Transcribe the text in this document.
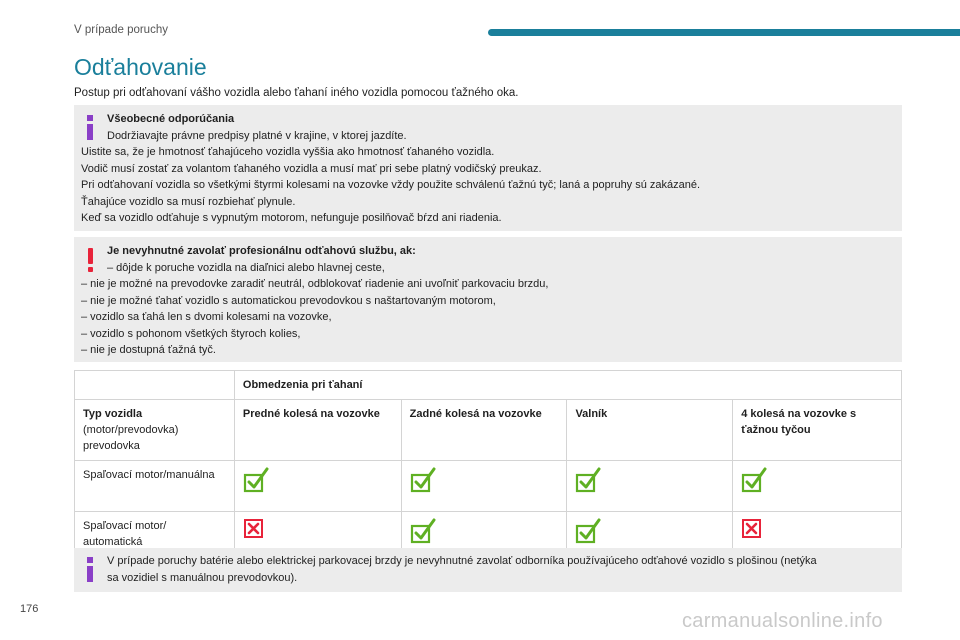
V prípade poruchy
Odťahovanie
Postup pri odťahovaní vášho vozidla alebo ťahaní iného vozidla pomocou ťažného oka.
Všeobecné odporúčania
Dodržiavajte právne predpisy platné v krajine, v ktorej jazdíte.
Uistite sa, že je hmotnosť ťahajúceho vozidla vyššia ako hmotnosť ťahaného vozidla.
Vodič musí zostať za volantom ťahaného vozidla a musí mať pri sebe platný vodičský preukaz.
Pri odťahovaní vozidla so všetkými štyrmi kolesami na vozovke vždy použite schválenú ťažnú tyč; laná a popruhy sú zakázané.
Ťahajúce vozidlo sa musí rozbiehať plynule.
Keď sa vozidlo odťahuje s vypnutým motorom, nefunguje posilňovač bŕzd ani riadenia.
Je nevyhnutné zavolať profesionálnu odťahovú službu, ak:
– dôjde k poruche vozidla na diaľnici alebo hlavnej ceste,
– nie je možné na prevodovke zaradiť neutrál, odblokovať riadenie ani uvoľniť parkovaciu brzdu,
– nie je možné ťahať vozidlo s automatickou prevodovkou s naštartovaným motorom,
– vozidlo sa ťahá len s dvomi kolesami na vozovke,
– vozidlo s pohonom všetkých štyroch kolies,
– nie je dostupná ťažná tyč.
	Obmedzenia pri ťahaní			

Typ vozidla
(motor/prevodovka)
prevodovka	Predné kolesá na vozovke	Zadné kolesá na vozovke	Valník	4 kolesá na vozovke s ťažnou tyčou

Spaľovací motor/manuálna

Spaľovací motor/
automatická

V prípade poruchy batérie alebo elektrickej parkovacej brzdy je nevyhnutné zavolať odborníka používajúceho odťahové vozidlo s plošinou (netýka
sa vozidiel s manuálnou prevodovkou).
176
carmanualsonline.info
